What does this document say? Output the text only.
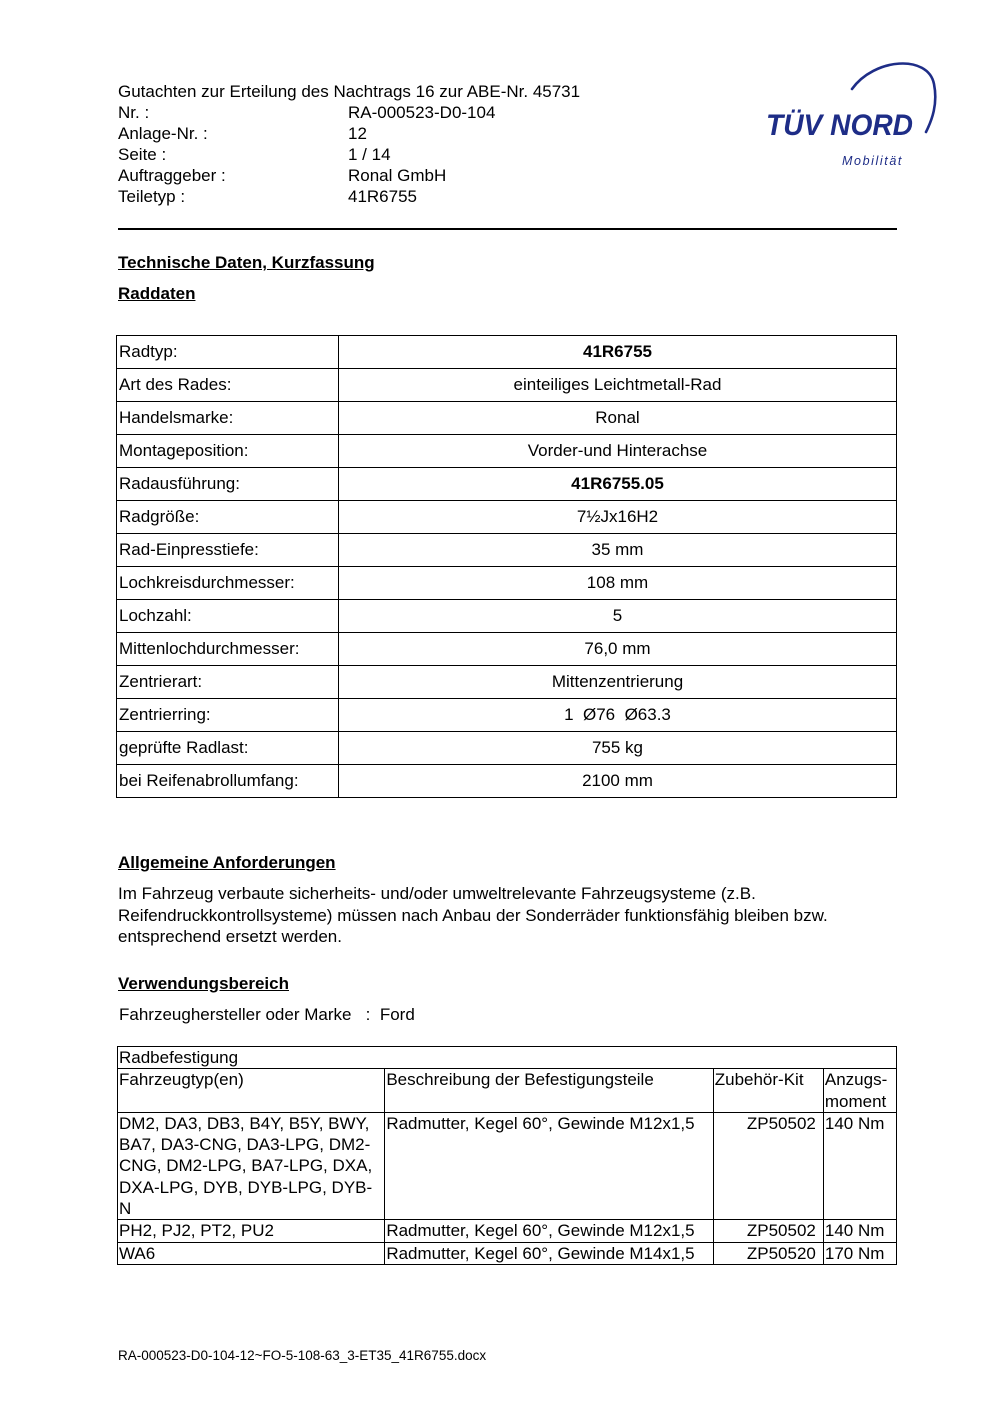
Gutachten zur Erteilung des Nachtrags 16 zur ABE-Nr. 45731
Nr. :	RA-000523-D0-104
Anlage-Nr. :	12
Seite :	1 / 14
Auftraggeber :	Ronal GmbH
Teiletyp :	41R6755
TÜV NORD
Mobilität
Technische Daten, Kurzfassung
Raddaten
Radtyp:	41R6755
Art des Rades:	einteiliges Leichtmetall-Rad
Handelsmarke:	Ronal
Montageposition:	Vorder-und Hinterachse
Radausführung:	41R6755.05
Radgröße:	7½Jx16H2
Rad-Einpresstiefe:	35 mm
Lochkreisdurchmesser:	108 mm
Lochzahl:	5
Mittenlochdurchmesser:	76,0 mm
Zentrierart:	Mittenzentrierung
Zentrierring:	1  Ø76  Ø63.3
geprüfte Radlast:	755 kg
bei Reifenabrollumfang:	2100 mm
Allgemeine Anforderungen
Im Fahrzeug verbaute sicherheits- und/oder umweltrelevante Fahrzeugsysteme (z.B. Reifendruckkontrollsysteme) müssen nach Anbau der Sonderräder funktionsfähig bleiben bzw. entsprechend ersetzt werden.
Verwendungsbereich
Fahrzeughersteller oder Marke : Ford
Radbefestigung			
Fahrzeugtyp(en)	Beschreibung der Befestigungsteile	Zubehör-Kit	Anzugs-
moment

DM2, DA3, DB3, B4Y, B5Y, BWY, BA7, DA3-CNG, DA3-LPG, DM2-CNG, DM2-LPG, BA7-LPG, DXA, DXA-LPG, DYB, DYB-LPG, DYB-N	Radmutter, Kegel 60°, Gewinde M12x1,5	ZP50502	140 Nm
PH2, PJ2, PT2, PU2	Radmutter, Kegel 60°, Gewinde M12x1,5	ZP50502	140 Nm
WA6	Radmutter, Kegel 60°, Gewinde M14x1,5	ZP50520	170 Nm
RA-000523-D0-104-12~FO-5-108-63_3-ET35_41R6755.docx
